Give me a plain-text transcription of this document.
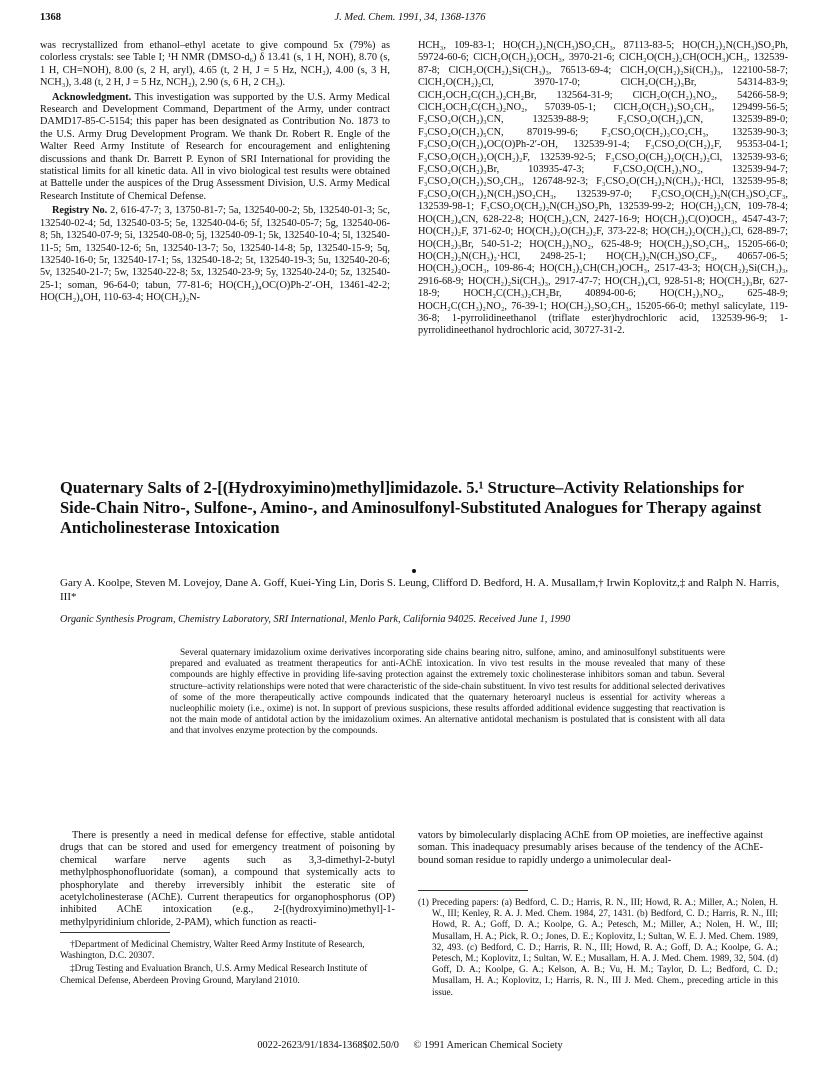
1368	J. Med. Chem. 1991, 34, 1368-1376

was recrystallized from ethanol–ethyl acetate to give compound 5x (79%) as colorless crystals: see Table I; ¹H NMR (DMSO-d₆) δ 13.41 (s, 1 H, NOH), 8.70 (s, 1 H, CH=NOH), 8.00 (s, 2 H, aryl), 4.65 (t, 2 H, J = 5 Hz, NCH₂), 4.00 (s, 3 H, NCH₃), 3.48 (t, 2 H, J = 5 Hz, NCH₂), 2.90 (s, 6 H, 2 CH₃).

Acknowledgment. This investigation was supported by the U.S. Army Medical Research and Development Command, Department of the Army, under contract DAMD17-85-C-5154; this paper has been designated as Contribution No. 1873 to the U.S. Army Drug Development Program. We thank Dr. Robert R. Engle of the Walter Reed Army Institute of Research for encouragement and enlightening discussions and thank Dr. Barrett P. Eynon of SRI International for providing the statistical limits for all kinetic data. All in vivo biological test results were obtained at Battelle under the auspices of the Drug Assessment Division, U.S. Army Medical Research Institute of Chemical Defense.

Registry No. 2, 616-47-7; 3, 13750-81-7; 5a, 132540-00-2; 5b, 132540-01-3; 5c, 132540-02-4; 5d, 132540-03-5; 5e, 132540-04-6; 5f, 132540-05-7; 5g, 132540-06-8; 5h, 132540-07-9; 5i, 132540-08-0; 5j, 132540-09-1; 5k, 132540-10-4; 5l, 132540-11-5; 5m, 132540-12-6; 5n, 132540-13-7; 5o, 132540-14-8; 5p, 132540-15-9; 5q, 132540-16-0; 5r, 132540-17-1; 5s, 132540-18-2; 5t, 132540-19-3; 5u, 132540-20-6; 5v, 132540-21-7; 5w, 132540-22-8; 5x, 132540-23-9; 5y, 132540-24-0; 5z, 132540-25-1; soman, 96-64-0; tabun, 77-81-6; HO(CH₂)₄OC(O)Ph-2′-OH, 13461-42-2; HO(CH₂)₄OH, 110-63-4; HO(CH₂)₂N-

HCH₃, 109-83-1; HO(CH₂)₂N(CH₃)SO₂CH₃, 87113-83-5; HO(CH₂)₂N(CH₃)SO₂Ph, 59724-60-6; ClCH₂O(CH₂)₂OCH₃, 3970-21-6; ClCH₂O(CH₂)₂CH(OCH₃)CH₃, 132539-87-8; ClCH₂O(CH₂)₂Si(CH₃)₃, 76513-69-4; ClCH₂O(CH₂)₂Si(CH₃)₃, 122100-58-7; ClCH₂O(CH₂)₂Cl, 3970-17-0; ClCH₂O(CH₂)₃Br, 54314-83-9; ClCH₂OCH₂C(CH₃)₂CH₂Br, 132564-31-9; ClCH₂O(CH₂)₃NO₂, 54266-58-9; ClCH₂OCH₂C(CH₃)₂NO₂, 57039-05-1; ClCH₂O(CH₂)₂SO₂CH₃, 129499-56-5; F₃CSO₂O(CH₂)₃CN, 132539-88-9; F₃CSO₂O(CH₂)₄CN, 132539-89-0; F₃CSO₂O(CH₂)₅CN, 87019-99-6; F₃CSO₂O(CH₂)₃CO₂CH₃, 132539-90-3; F₃CSO₂O(CH₂)₄OC(O)Ph-2′-OH, 132539-91-4; F₃CSO₂O(CH₂)₂F, 95353-04-1; F₃CSO₂O(CH₂)₂O(CH₂)₂F, 132539-92-5; F₃CSO₂O(CH₂)₂O(CH₂)₂Cl, 132539-93-6; F₃CSO₂O(CH₂)₃Br, 103935-47-3; F₃CSO₂O(CH₂)₃NO₂, 132539-94-7; F₃CSO₂O(CH₂)₂SO₂CH₃, 126748-92-3; F₃CSO₂O(CH₂)₂N(CH₃)₂·HCl, 132539-95-8; F₃CSO₂O(CH₂)₂N(CH₃)SO₂CH₃, 132539-97-0; F₃CSO₂O(CH₂)₂N(CH₃)SO₂CF₃, 132539-98-1; F₃CSO₂O(CH₂)₂N(CH₃)SO₂Ph, 132539-99-2; HO(CH₂)₃CN, 109-78-4; HO(CH₂)₄CN, 628-22-8; HO(CH₂)₅CN, 2427-16-9; HO(CH₂)₃C(O)OCH₃, 4547-43-7; HO(CH₂)₂F, 371-62-0; HO(CH₂)₂O(CH₂)₂F, 373-22-8; HO(CH₂)₂O(CH₂)₂Cl, 628-89-7; HO(CH₂)₃Br, 540-51-2; HO(CH₂)₃NO₂, 625-48-9; HO(CH₂)₂SO₂CH₃, 15205-66-0; HO(CH₂)₂N(CH₃)₂·HCl, 2498-25-1; HO(CH₂)₂N(CH₃)SO₂CF₃, 40657-06-5; HO(CH₂)₂OCH₃, 109-86-4; HO(CH₂)₂CH(CH₃)OCH₃, 2517-43-3; HO(CH₂)₂Si(CH₃)₃, 2916-68-9; HO(CH₂)₂Si(CH₃)₃, 2917-47-7; HO(CH₂)₄Cl, 928-51-8; HO(CH₂)₃Br, 627-18-9; HOCH₂C(CH₃)₂CH₂Br, 40894-00-6; HO(CH₂)₃NO₂, 625-48-9; HOCH₂C(CH₃)₂NO₂, 76-39-1; HO(CH₂)₂SO₂CH₃, 15205-66-0; methyl salicylate, 119-36-8; 1-pyrrolidineethanol (triflate ester)hydrochloric acid, 132539-96-9; 1-pyrrolidineethanol hydrochloric acid, 30727-31-2.

Quaternary Salts of 2-[(Hydroxyimino)methyl]imidazole. 5.¹ Structure–Activity Relationships for Side-Chain Nitro-, Sulfone-, Amino-, and Aminosulfonyl-Substituted Analogues for Therapy against Anticholinesterase Intoxication
Gary A. Koolpe, Steven M. Lovejoy, Dane A. Goff, Kuei-Ying Lin, Doris S. Leung, Clifford D. Bedford, H. A. Musallam,† Irwin Koplovitz,‡ and Ralph N. Harris, III*
Organic Synthesis Program, Chemistry Laboratory, SRI International, Menlo Park, California 94025. Received June 1, 1990
Several quaternary imidazolium oxime derivatives incorporating side chains bearing nitro, sulfone, amino, and aminosulfonyl substituents were prepared and evaluated as treatment therapeutics for anti-AChE intoxication. In vivo test results in the mouse revealed that many of these compounds are highly effective in providing life-saving protection against the extremely toxic cholinesterase inhibitors soman and tabun. Several structure–activity relationships were noted that were characteristic of the side-chain substituent. In vivo test results for additional selected derivatives of some of the more therapeutically active compounds indicated that the quaternary heteroaryl nucleus is essential for activity whereas a nucleophilic moiety (i.e., oxime) is not. In support of previous suspicions, these results afforded additional evidence suggesting that reactivation is not the main mode of antidotal action by the imidazolium oximes. An alternative antidotal mechanism is postulated that is consistent with all data and that involves enzyme protection by the compounds.

There is presently a need in medical defense for effective, stable antidotal drugs that can be stored and used for emergency treatment of poisoning by chemical warfare nerve agents such as 3,3-dimethyl-2-butyl methylphosphonofluoridate (soman), a compound that systemically acts to phosphorylate and thereby irreversibly inhibit the esteratic site of acetylcholinesterase (AChE). Current therapeutics for organophosphorus (OP) inhibited AChE intoxication (e.g., 2-[(hydroxyimino)methyl]-1-methylpyridinium chloride, 2-PAM), which function as reacti-

vators by bimolecularly displacing AChE from OP moieties, are ineffective against soman. This inadequacy presumably arises because of the tendency of the AChE-bound soman residue to rapidly undergo a unimolecular deal-

†Department of Medicinal Chemistry, Walter Reed Army Institute of Research, Washington, D.C. 20307.

‡Drug Testing and Evaluation Branch, U.S. Army Medical Research Institute of Chemical Defense, Aberdeen Proving Ground, Maryland 21010.

(1) Preceding papers: (a) Bedford, C. D.; Harris, R. N., III; Howd, R. A.; Miller, A.; Nolen, H. W., III; Kenley, R. A. J. Med. Chem. 1984, 27, 1431. (b) Bedford, C. D.; Harris, R. N., III; Howd, R. A.; Goff, D. A.; Koolpe, G. A.; Petesch, M.; Miller, A.; Nolen, H. W., III; Musallam, H. A.; Pick, R. O.; Jones, D. E.; Koplovitz, I.; Sultan, W. E. J. Med. Chem. 1989, 32, 493. (c) Bedford, C. D.; Harris, R. N., III; Howd, R. A.; Goff, D. A.; Koolpe, G. A.; Petesch, M.; Koplovitz, I.; Sultan, W. E.; Musallam, H. A. J. Med. Chem. 1989, 32, 504. (d) Goff, D. A.; Koolpe, G. A.; Kelson, A. B.; Vu, H. M.; Taylor, D. L.; Bedford, C. D.; Musallam, H. A.; Koplovitz, I.; Harris, R. N., III J. Med. Chem., preceding article in this issue.
0022-2623/91/1834-1368$02.50/0 © 1991 American Chemical Society
